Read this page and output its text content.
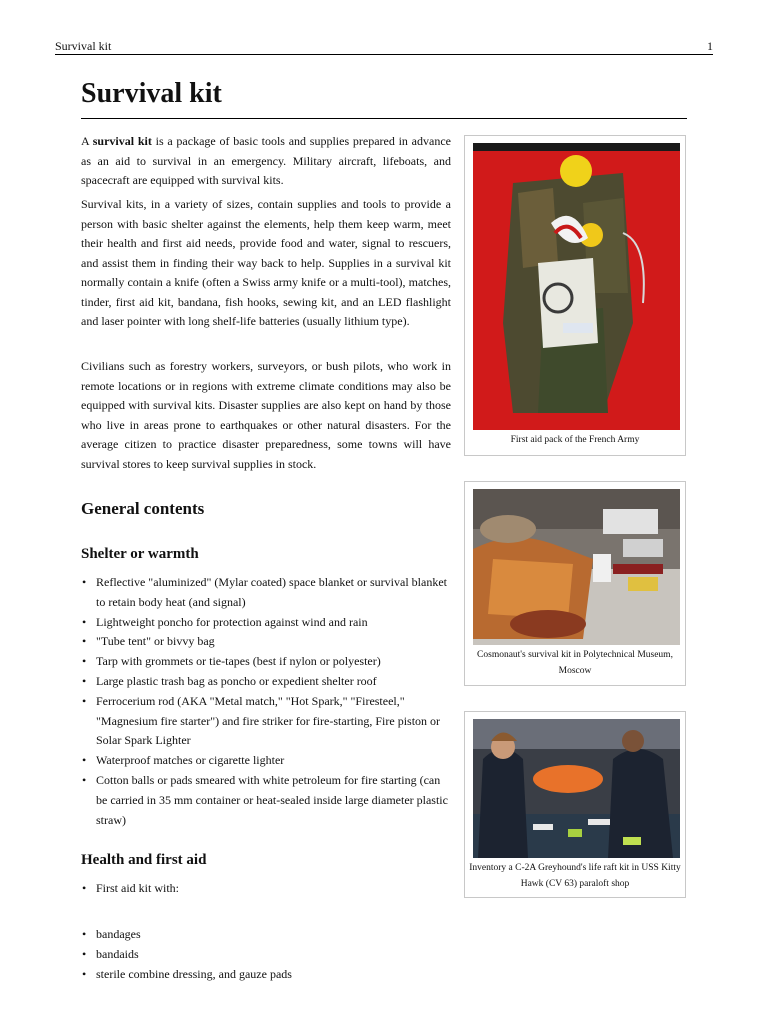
Survival kit	1
Survival kit

A survival kit is a package of basic tools and supplies prepared in advance as an aid to survival in an emergency. Military aircraft, lifeboats, and spacecraft are equipped with survival kits.

Survival kits, in a variety of sizes, contain supplies and tools to provide a person with basic shelter against the elements, help them keep warm, meet their health and first aid needs, provide food and water, signal to rescuers, and assist them in finding their way back to help. Supplies in a survival kit normally contain a knife (often a Swiss army knife or a multi-tool), matches, tinder, first aid kit, bandana, fish hooks, sewing kit, and an LED flashlight and laser pointer with long shelf-life batteries (usually lithium type).

Civilians such as forestry workers, surveyors, or bush pilots, who work in remote locations or in regions with extreme climate conditions may also be equipped with survival kits. Disaster supplies are also kept on hand by those who live in areas prone to earthquakes or other natural disasters. For the average citizen to practice disaster preparedness, some towns will have survival stores to keep survival supplies in stock.

General contents
Shelter or warmth
• Reflective "aluminized" (Mylar coated) space blanket or survival blanket to retain body heat (and signal)
• Lightweight poncho for protection against wind and rain
• "Tube tent" or bivvy bag
• Tarp with grommets or tie-tapes (best if nylon or polyester)
• Large plastic trash bag as poncho or expedient shelter roof
• Ferrocerium rod (AKA "Metal match," "Hot Spark," "Firesteel," "Magnesium fire starter") and fire striker for fire-starting, Fire piston or Solar Spark Lighter
• Waterproof matches or cigarette lighter
• Cotton balls or pads smeared with white petroleum for fire starting (can be carried in 35 mm container or heat-sealed inside large diameter plastic straw)
Health and first aid
• First aid kit with:
• bandages
• bandaids
• sterile combine dressing, and gauze pads
First aid pack of the French Army
Cosmonaut's survival kit in Polytechnical Museum, Moscow
Inventory a C-2A Greyhound's life raft kit in USS Kitty Hawk (CV 63) paraloft shop
